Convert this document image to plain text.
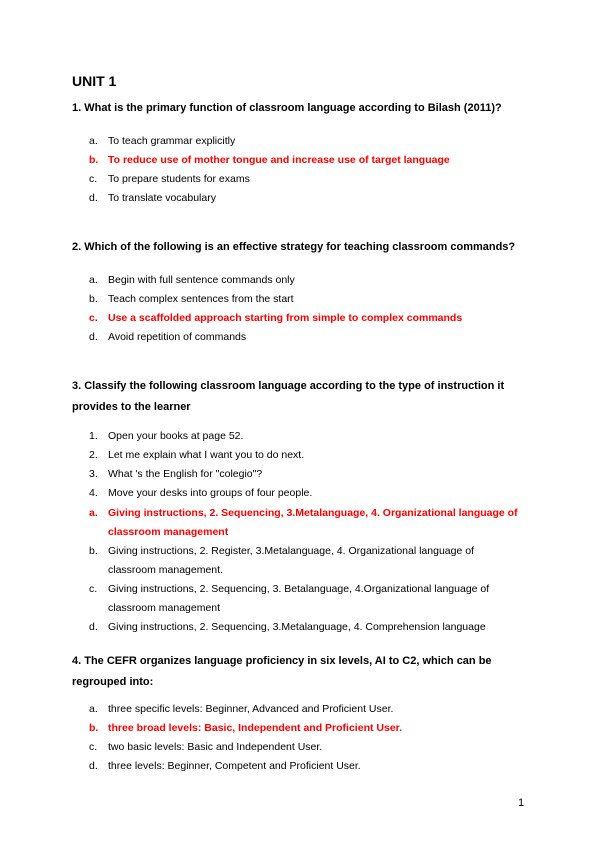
UNIT 1
1. What is the primary function of classroom language according to Bilash (2011)?
a. To teach grammar explicitly
b. To reduce use of mother tongue and increase use of target language
c.	To prepare students for exams
d. To translate vocabulary
2. Which of the following is an effective strategy for teaching classroom commands?
a. Begin with full sentence commands only
b. Teach complex sentences from the start
c. Use a scaffolded approach starting from simple to complex commands
d. Avoid repetition of commands
3. Classify the following classroom language according to the type of instruction it provides to the learner
1. Open your books at page 52.
2. Let me explain what I want you to do next.
3. What 's the English for "colegio"?
4. Move your desks into groups of four people.
a. Giving instructions, 2. Sequencing, 3.Metalanguage, 4. Organizational language of classroom management
b. Giving instructions, 2. Register, 3.Metalanguage, 4. Organizational language of classroom management.
c.	Giving instructions, 2. Sequencing, 3. Betalanguage, 4.Organizational language of classroom management
d. Giving instructions, 2. Sequencing, 3.Metalanguage, 4. Comprehension language
4. The CEFR organizes language proficiency in six levels, AI to C2, which can be regrouped into:
a. three specific levels: Beginner, Advanced and Proficient User.
b. three broad levels: Basic, Independent and Proficient User.
c.	two basic levels: Basic and Independent User.
d. three levels: Beginner, Competent and Proficient User.
1
